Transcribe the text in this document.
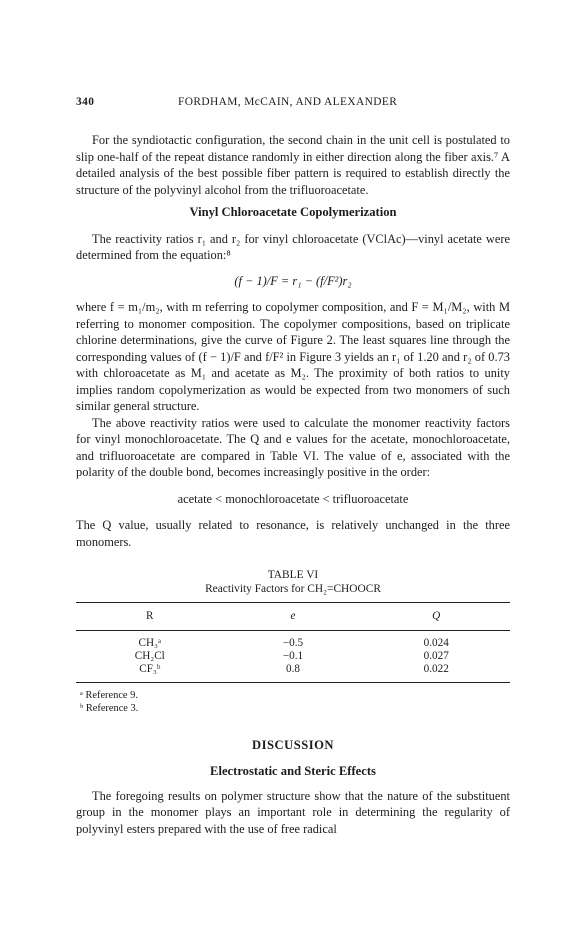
340	FORDHAM, McCAIN, AND ALEXANDER

For the syndiotactic configuration, the second chain in the unit cell is postulated to slip one-half of the repeat distance randomly in either direction along the fiber axis.⁷ A detailed analysis of the best possible fiber pattern is required to establish directly the structure of the polyvinyl alcohol from the trifluoroacetate.

Vinyl Chloroacetate Copolymerization

The reactivity ratios r₁ and r₂ for vinyl chloroacetate (VClAc)—vinyl acetate were determined from the equation:⁸

(f − 1)/F = r₁ − (f/F²)r₂

where f = m₁/m₂, with m referring to copolymer composition, and F = M₁/M₂, with M referring to monomer composition. The copolymer compositions, based on triplicate chlorine determinations, give the curve of Figure 2. The least squares line through the corresponding values of (f − 1)/F and f/F² in Figure 3 yields an r₁ of 1.20 and r₂ of 0.73 with chloroacetate as M₁ and acetate as M₂. The proximity of both ratios to unity implies random copolymerization as would be expected from two monomers of such similar general structure.

The above reactivity ratios were used to calculate the monomer reactivity factors for vinyl monochloroacetate. The Q and e values for the acetate, monochloroacetate, and trifluoroacetate are compared in Table VI. The value of e, associated with the polarity of the double bond, becomes increasingly positive in the order:

acetate < monochloroacetate < trifluoroacetate

The Q value, usually related to resonance, is relatively unchanged in the three monomers.

TABLE VI
Reactivity Factors for CH₂=CHOOCR
R	e	Q
CH₃ᵃ	−0.5	0.024
CH₂Cl	−0.1	0.027
CF₃ᵇ	0.8	0.022
ᵃ Reference 9.
ᵇ Reference 3.
DISCUSSION
Electrostatic and Steric Effects

The foregoing results on polymer structure show that the nature of the substituent group in the monomer plays an important role in determining the regularity of polyvinyl esters prepared with the use of free radical
